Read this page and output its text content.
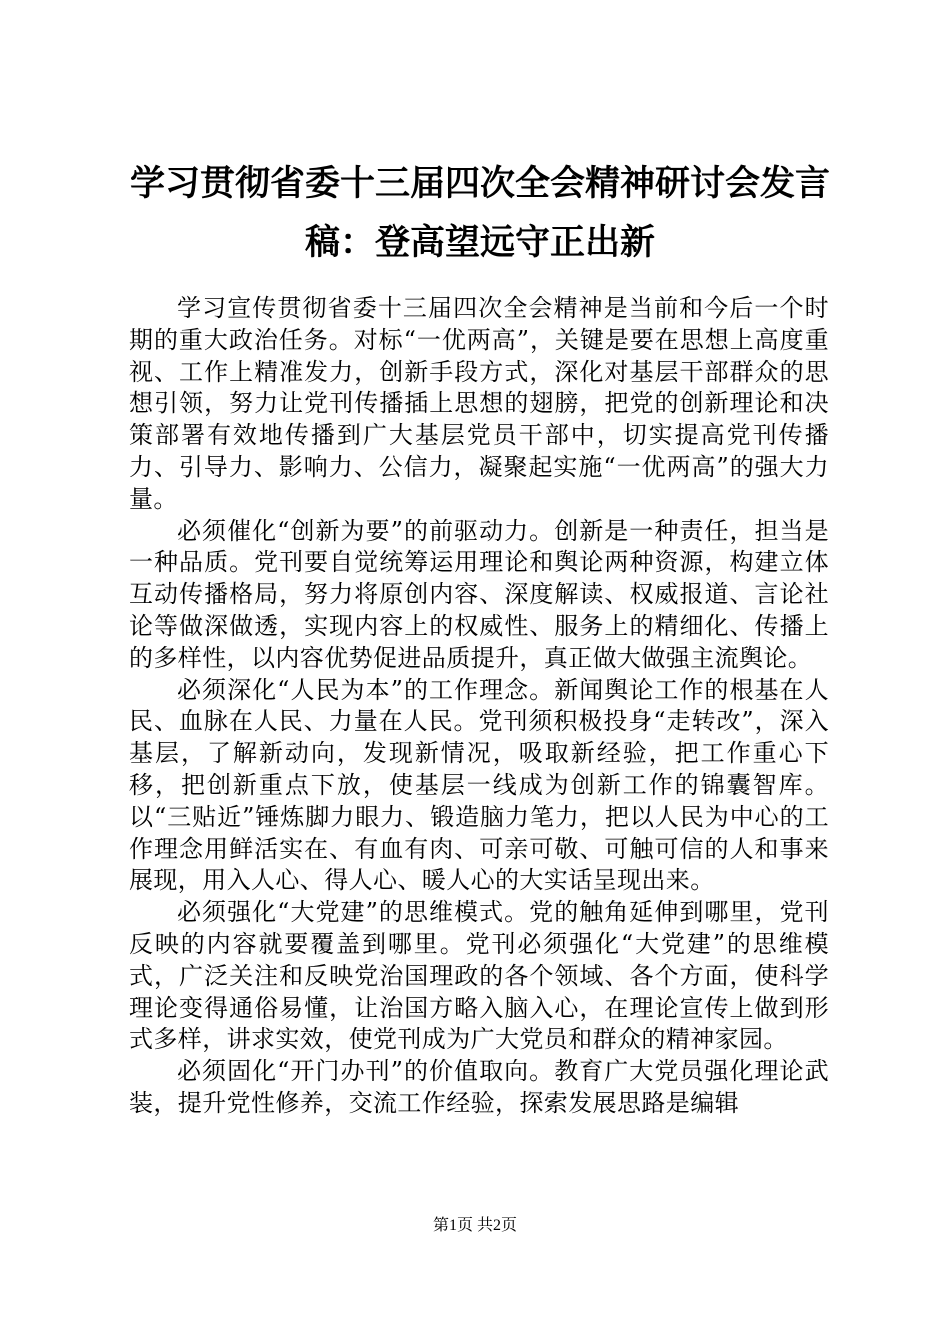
学习贯彻省委十三届四次全会精神研讨会发言
稿：登高望远守正出新

学习宣传贯彻省委十三届四次全会精神是当前和今后一个时期的重大政治任务。对标“一优两高”，关键是要在思想上高度重视、工作上精准发力，创新手段方式，深化对基层干部群众的思想引领，努力让党刊传播插上思想的翅膀，把党的创新理论和决策部署有效地传播到广大基层党员干部中，切实提高党刊传播力、引导力、影响力、公信力，凝聚起实施“一优两高”的强大力量。

必须催化“创新为要”的前驱动力。创新是一种责任，担当是一种品质。党刊要自觉统筹运用理论和舆论两种资源，构建立体互动传播格局，努力将原创内容、深度解读、权威报道、言论社论等做深做透，实现内容上的权威性、服务上的精细化、传播上的多样性，以内容优势促进品质提升，真正做大做强主流舆论。

必须深化“人民为本”的工作理念。新闻舆论工作的根基在人民、血脉在人民、力量在人民。党刊须积极投身“走转改”，深入基层，了解新动向，发现新情况，吸取新经验，把工作重心下移，把创新重点下放，使基层一线成为创新工作的锦囊智库。以“三贴近”锤炼脚力眼力、锻造脑力笔力，把以人民为中心的工作理念用鲜活实在、有血有肉、可亲可敬、可触可信的人和事来展现，用入人心、得人心、暖人心的大实话呈现出来。

必须强化“大党建”的思维模式。党的触角延伸到哪里，党刊反映的内容就要覆盖到哪里。党刊必须强化“大党建”的思维模式，广泛关注和反映党治国理政的各个领域、各个方面，使科学理论变得通俗易懂，让治国方略入脑入心，在理论宣传上做到形式多样，讲求实效，使党刊成为广大党员和群众的精神家园。

必须固化“开门办刊”的价值取向。教育广大党员强化理论武装，提升党性修养，交流工作经验，探索发展思路是编辑

第1页 共2页
